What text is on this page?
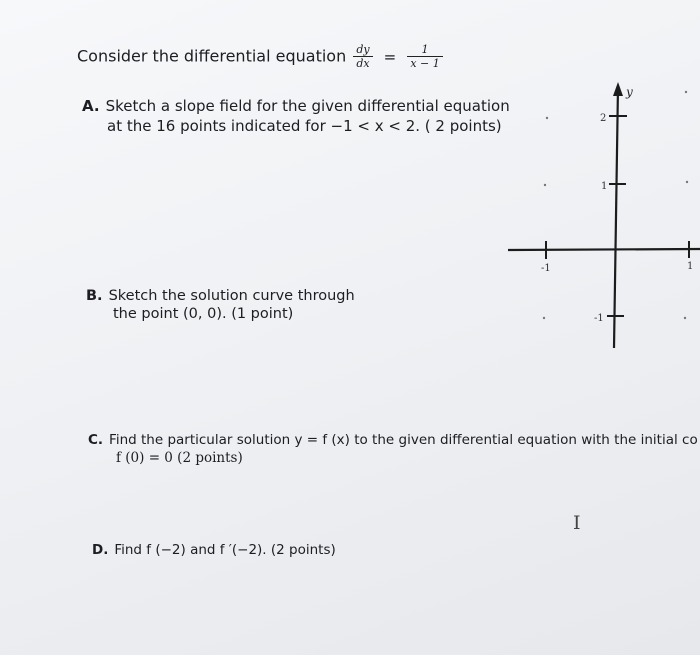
Consider the differential equation $\frac{dy}{dx} = \frac{1}{x - 1}$
A. Sketch a slope field for the given differential equation
at the 16 points indicated for −1 < x < 2. ( 2 points)
B. Sketch the solution curve through
the point (0, 0). (1 point)
C. Find the particular solution y = f (x) to the given differential equation with the initial co
f (0) = 0 (2 points)
D. Find f (−2) and f ′(−2). (2 points)
y
2
1
-1
-1	1
I
